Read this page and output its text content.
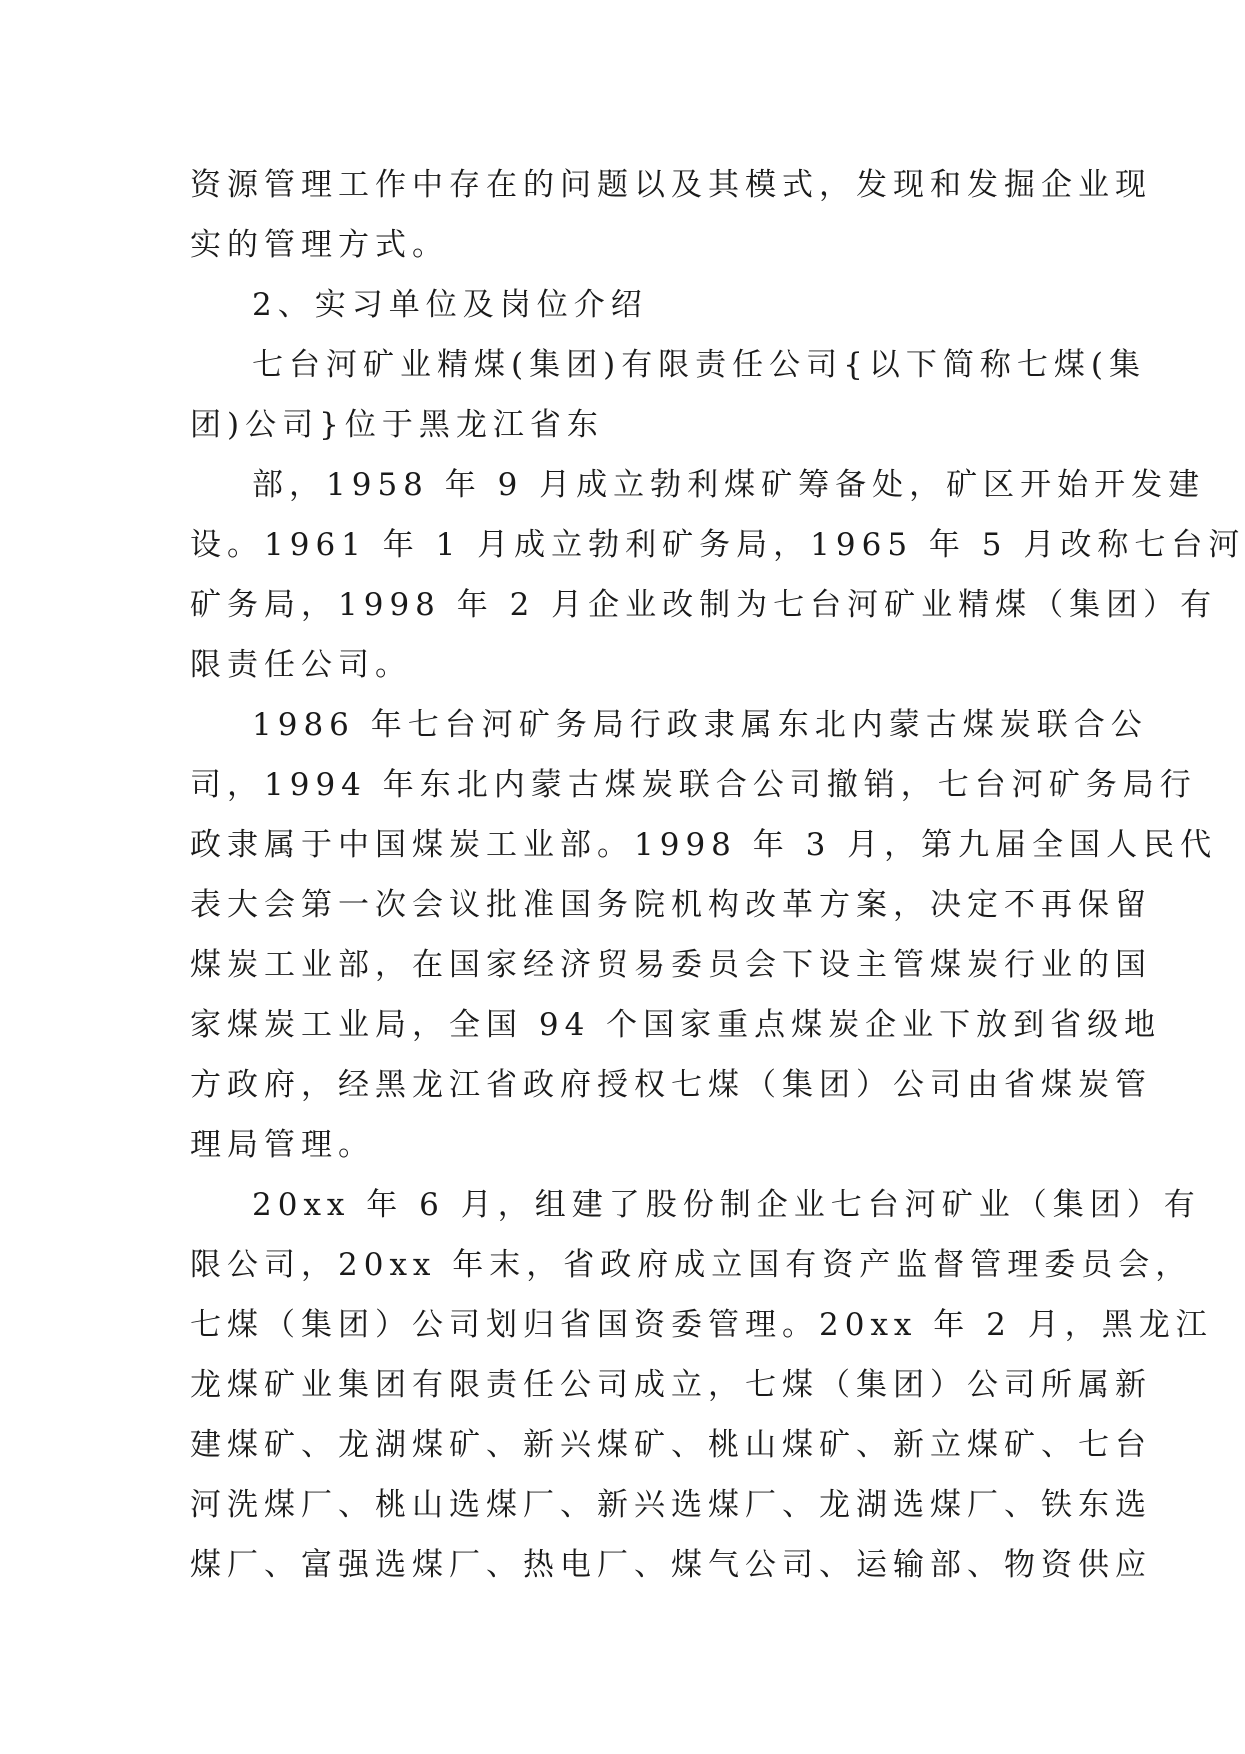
资源管理工作中存在的问题以及其模式，发现和发掘企业现
实的管理方式。
2、实习单位及岗位介绍
七台河矿业精煤(集团)有限责任公司{以下简称七煤(集
团)公司}位于黑龙江省东
部，1958 年 9 月成立勃利煤矿筹备处，矿区开始开发建
设。1961 年 1 月成立勃利矿务局，1965 年 5 月改称七台河
矿务局，1998 年 2 月企业改制为七台河矿业精煤（集团）有
限责任公司。
1986 年七台河矿务局行政隶属东北内蒙古煤炭联合公
司，1994 年东北内蒙古煤炭联合公司撤销，七台河矿务局行
政隶属于中国煤炭工业部。1998 年 3 月，第九届全国人民代
表大会第一次会议批准国务院机构改革方案，决定不再保留
煤炭工业部，在国家经济贸易委员会下设主管煤炭行业的国
家煤炭工业局，全国 94 个国家重点煤炭企业下放到省级地
方政府，经黑龙江省政府授权七煤（集团）公司由省煤炭管
理局管理。
20xx 年 6 月，组建了股份制企业七台河矿业（集团）有
限公司，20xx 年末，省政府成立国有资产监督管理委员会，
七煤（集团）公司划归省国资委管理。20xx 年 2 月，黑龙江
龙煤矿业集团有限责任公司成立，七煤（集团）公司所属新
建煤矿、龙湖煤矿、新兴煤矿、桃山煤矿、新立煤矿、七台
河洗煤厂、桃山选煤厂、新兴选煤厂、龙湖选煤厂、铁东选
煤厂、富强选煤厂、热电厂、煤气公司、运输部、物资供应
